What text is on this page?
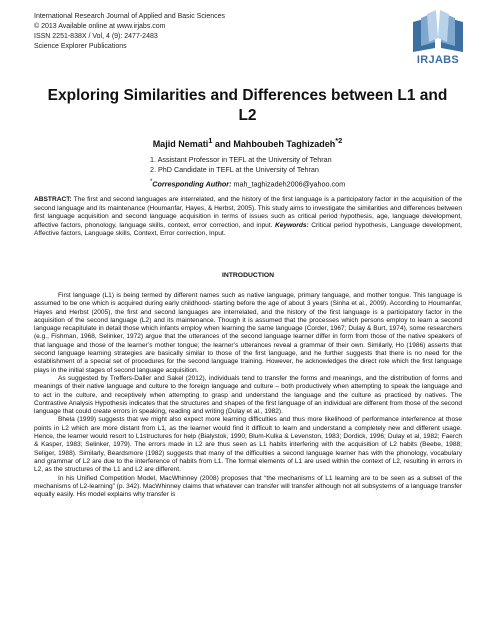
International Research Journal of Applied and Basic Sciences
© 2013 Available online at www.irjabs.com
ISSN 2251-838X / Vol, 4 (9): 2477-2483
Science Explorer Publications
IRJABS
Exploring Similarities and Differences between L1 and L2
Majid Nemati$^1$ and Mahboubeh Taghizadeh$^{*2}$
1. Assistant Professor in TEFL at the University of Tehran
2. PhD Candidate in TEFL at the University of Tehran
*Corresponding Author: mah_taghizadeh2006@yahoo.com
ABSTRACT: The first and second languages are interrelated, and the history of the first language is a participatory factor in the acquisition of the second language and its maintenance (Houmanfar, Hayes, & Herbst, 2005). This study aims to investigate the similarities and differences between first language acquisition and second language acquisition in terms of issues such as critical period hypothesis, age, language development, affective factors, phonology, language skills, context, error correction, and input. Keywords: Critical period hypothesis, Language development, Affective factors, Language skills, Context, Error correction, Input.
INTRODUCTION

First language (L1) is being termed by different names such as native language, primary language, and mother tongue. This language is assumed to be one which is acquired during early childhood- starting before the age of about 3 years (Sinha et al., 2009). According to Houmanfar, Hayes and Herbst (2005), the first and second languages are interrelated, and the history of the first language is a participatory factor in the acquisition of the second language (L2) and its maintenance. Though it is assumed that the processes which persons employ to learn a second language recapitulate in detail those which infants employ when learning the same language (Corder, 1967; Dulay & Burt, 1974), some researchers (e.g., Fishman, 1968, Selinker, 1972) argue that the utterances of the second language learner differ in form from those of the native speakers of that language and those of the learner’s mother tongue; the learner’s utterances reveal a grammar of their own. Similarly, Ho (1986) asserts that second language learning strategies are basically similar to those of the first language, and he further suggests that there is no need for the establishment of a special set of procedures for the second language training. However, he acknowledges the direct role which the first language plays in the initial stages of second language acquisition.

As suggested by Treffers-Daller and Sakel (2012), individuals tend to transfer the forms and meanings, and the distribution of forms and meanings of their native language and culture to the foreign language and culture – both productively when attempting to speak the language and to act in the culture, and receptively when attempting to grasp and understand the language and the culture as practiced by natives. The Contrastive Analysis Hypothesis indicates that the structures and shapes of the first language of an individual are different from those of the second language that could create errors in speaking, reading and writing (Dulay et al., 1982).

Bhela (1999) suggests that we might also expect more learning difficulties and thus more likelihood of performance interference at those points in L2 which are more distant from L1, as the learner would find it difficult to learn and understand a completely new and different usage. Hence, the learner would resort to L1structures for help (Bialystok, 1990; Blum-Kulka & Levenston, 1983; Dordick, 1996; Dulay et al, 1982; Faerch & Kasper, 1983; Selinker, 1979). The errors made in L2 are thus seen as L1 habits interfering with the acquisition of L2 habits (Beebe, 1988; Seliger, 1988). Similarly, Beardsmore (1982) suggests that many of the difficulties a second language learner has with the phonology, vocabulary and grammar of L2 are due to the interference of habits from L1. The formal elements of L1 are used within the context of L2, resulting in errors in L2, as the structures of the L1 and L2 are different.

In his Unified Competition Model, MacWhinney (2008) proposes that “the mechanisms of L1 learning are to be seen as a subset of the mechanisms of L2-learning” (p. 342). MacWhinney claims that whatever can transfer will transfer although not all subsystems of a language transfer equally easily. His model explains why transfer is
